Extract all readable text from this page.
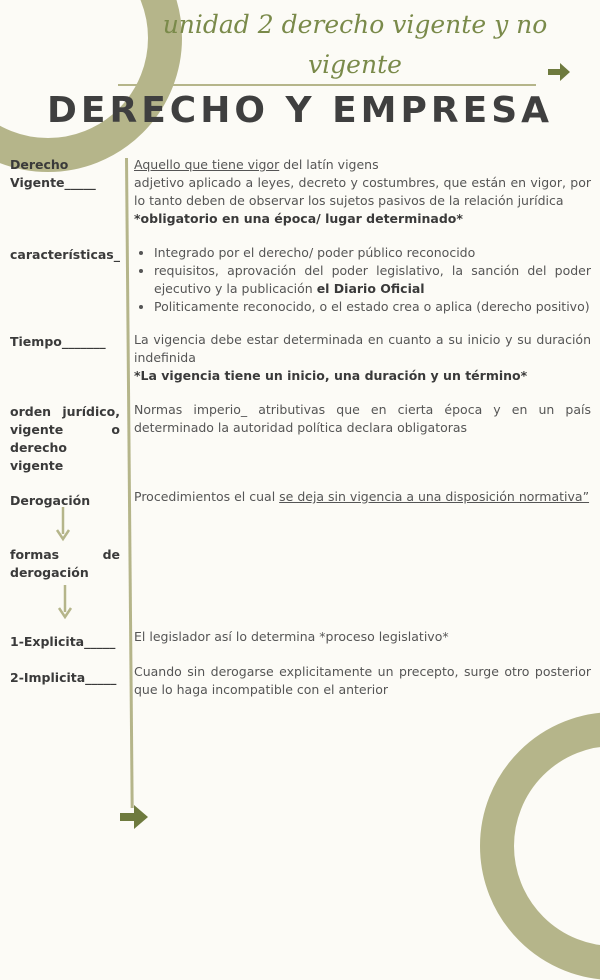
unidad 2 derecho vigente y no
vigente
DERECHO Y EMPRESA
Derecho Vigente_____
Aquello que tiene vigor del latín vigens
adjetivo aplicado a leyes, decreto y costumbres, que están en vigor, por lo tanto deben de observar los sujetos pasivos de la relación jurídica
*obligatorio en una época/ lugar determinado*
características_
•	Integrado por el derecho/ poder público reconocido
• requisitos, aprovación del poder legislativo, la sanción del poder ejecutivo y la publicación el Diario Oficial
• Politicamente reconocido, o el estado crea o aplica (derecho positivo)
Tiempo_______	La vigencia debe estar determinada en cuanto a su inicio y su duración indefinida
*La vigencia tiene un inicio, una duración y un término*
orden jurídico, vigente o derecho vigente
Normas imperio_ atributivas que en cierta época y en un país determinado la autoridad política declara obligatoras
Derogación	Procedimientos el cual se deja sin vigencia a una disposición normativa”
formas de derogación
1-Explicita_____	El legislador así lo determina *proceso legislativo*
2-Implicita_____ Cuando sin derogarse explicitamente un precepto, surge otro posterior que lo haga incompatible con el anterior
